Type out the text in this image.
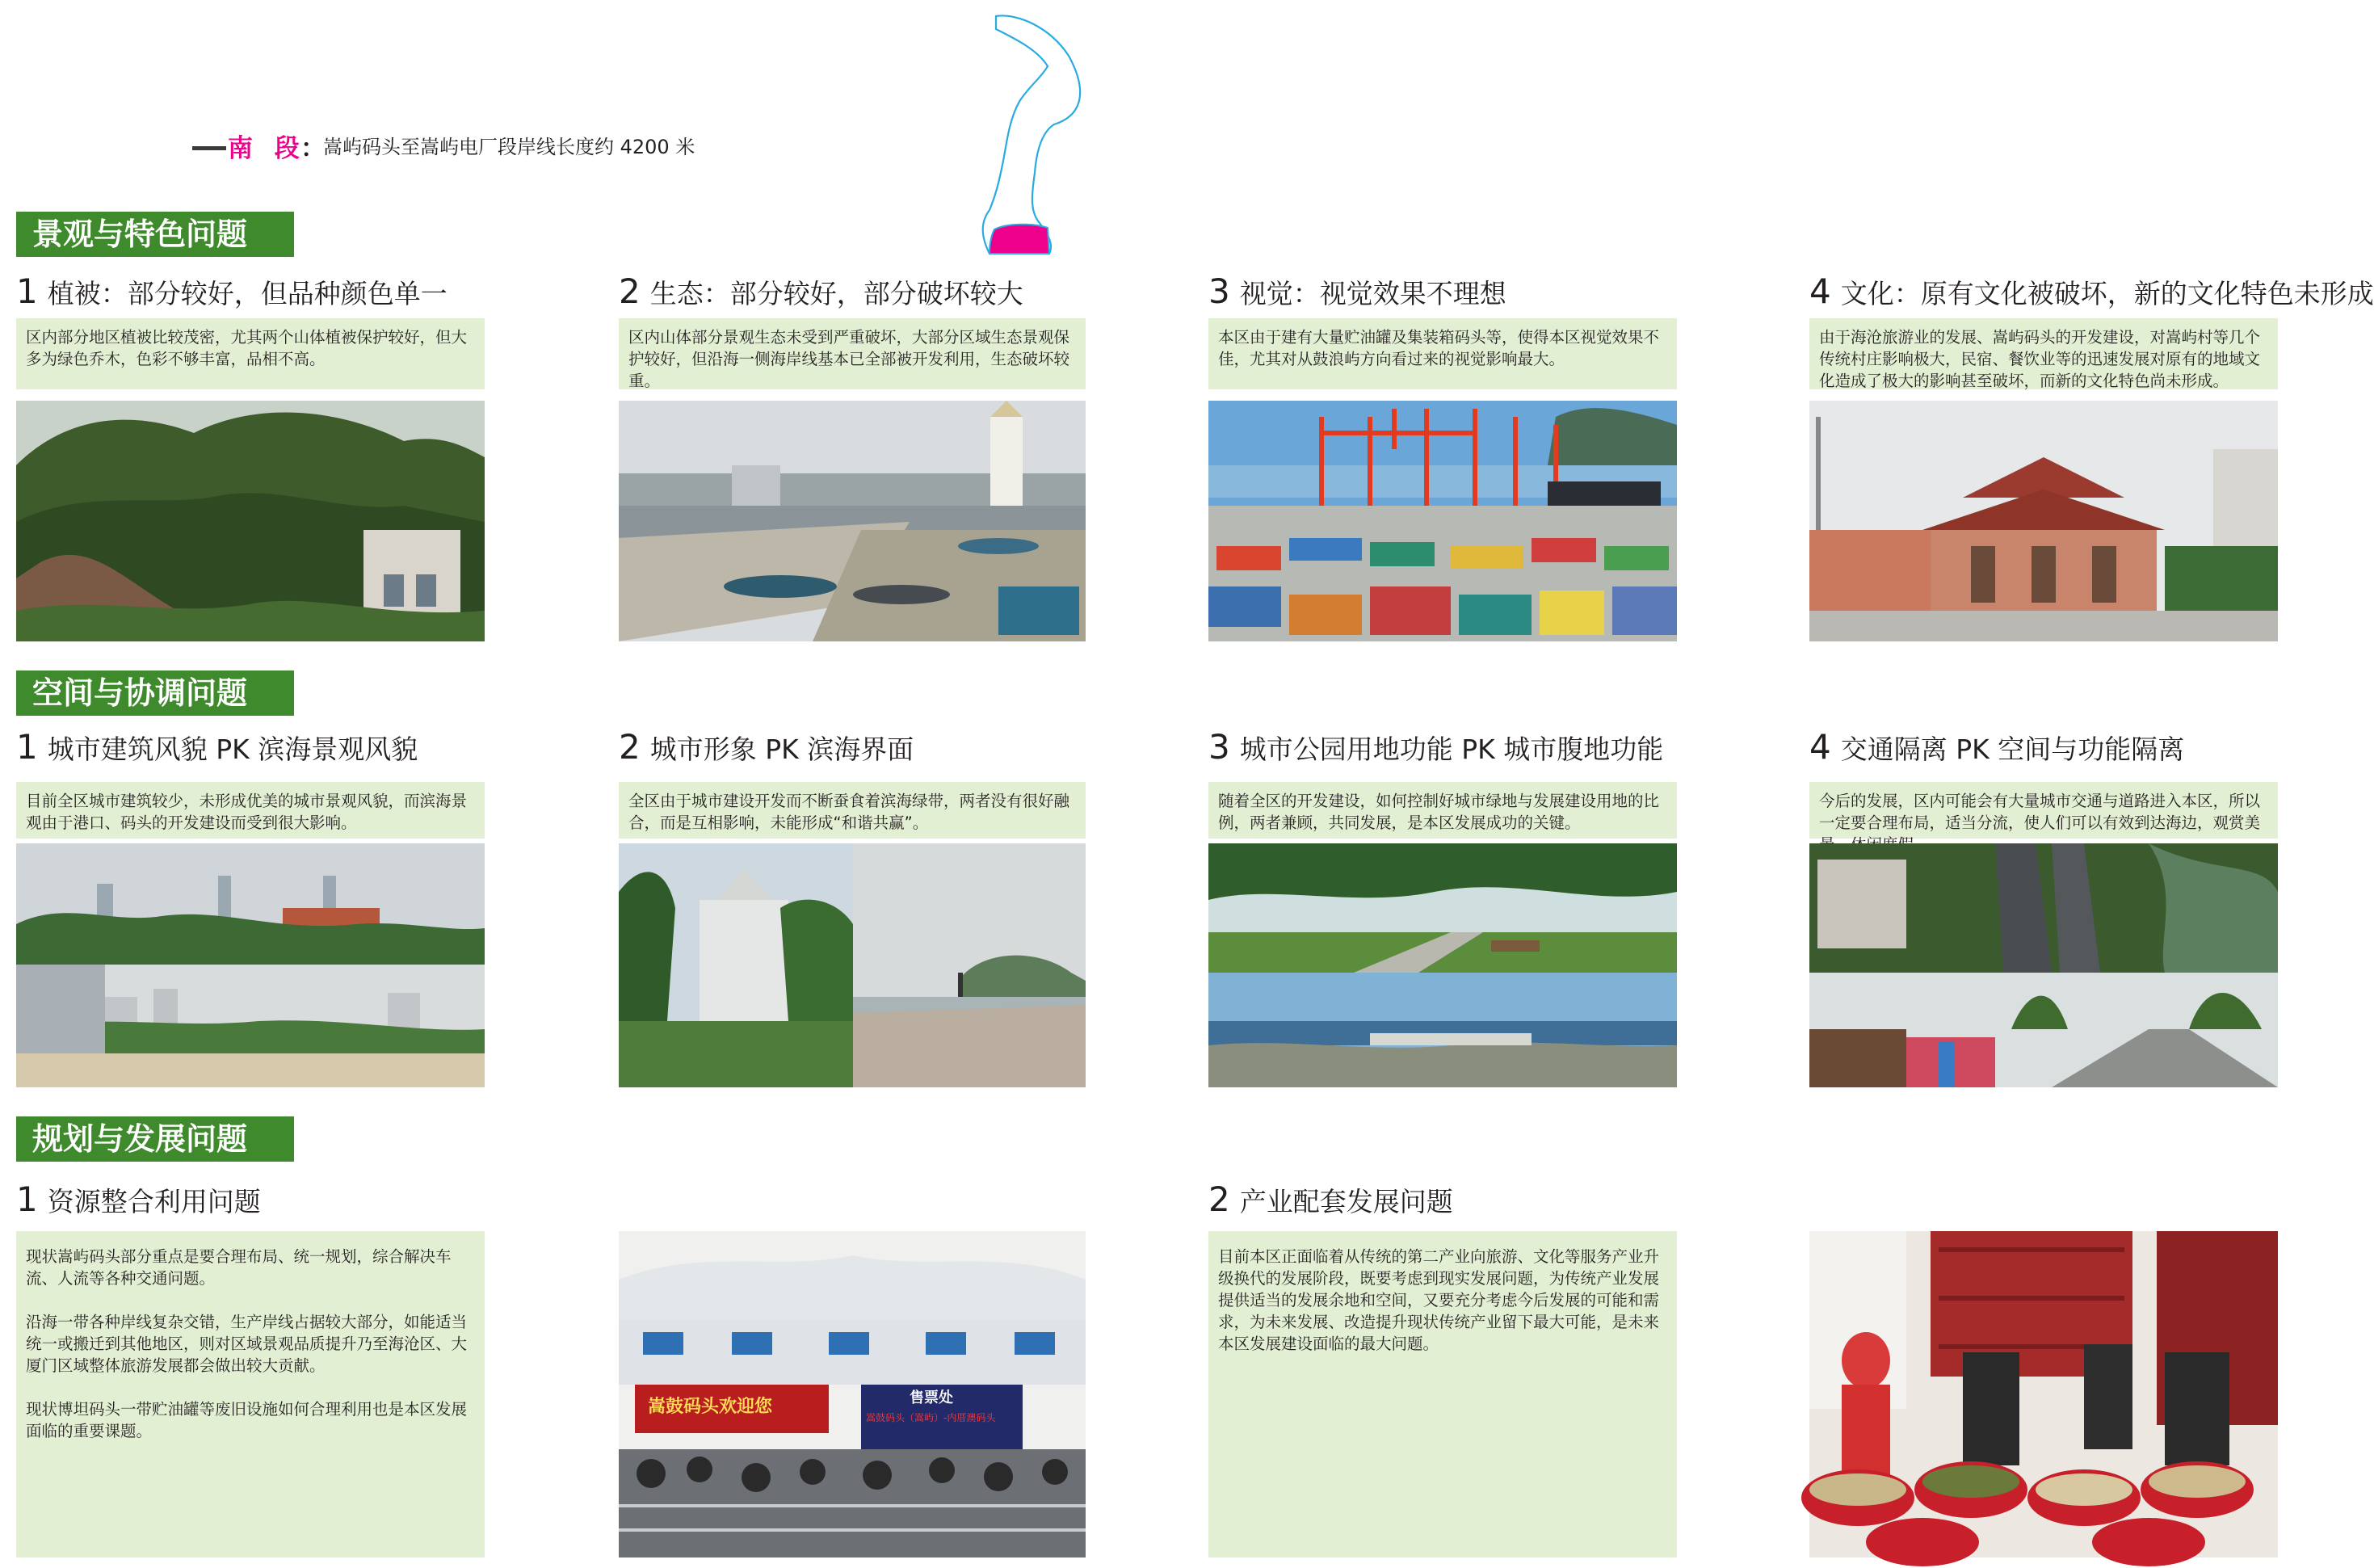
南 段
：
嵩屿码头至嵩屿电厂段岸线长度约 4200 米
景观与特色问题
1 植被：部分较好，但品种颜色单一
区内部分地区植被比较茂密，尤其两个山体植被保护较好，但大多为绿色乔木，色彩不够丰富，品相不高。
2 生态：部分较好，部分破坏较大
区内山体部分景观生态未受到严重破坏，大部分区域生态景观保护较好，但沿海一侧海岸线基本已全部被开发利用，生态破坏较重。
3 视觉：视觉效果不理想
本区由于建有大量贮油罐及集装箱码头等，使得本区视觉效果不佳，尤其对从鼓浪屿方向看过来的视觉影响最大。
4 文化：原有文化被破坏，新的文化特色未形成
由于海沧旅游业的发展、嵩屿码头的开发建设，对嵩屿村等几个传统村庄影响极大，民宿、餐饮业等的迅速发展对原有的地域文化造成了极大的影响甚至破坏，而新的文化特色尚未形成。
空间与协调问题
1 城市建筑风貌 PK 滨海景观风貌
目前全区城市建筑较少，未形成优美的城市景观风貌，而滨海景观由于港口、码头的开发建设而受到很大影响。
2 城市形象 PK 滨海界面
全区由于城市建设开发而不断蚕食着滨海绿带，两者没有很好融合，而是互相影响，未能形成“和谐共赢”。
3 城市公园用地功能 PK 城市腹地功能
随着全区的开发建设，如何控制好城市绿地与发展建设用地的比例，两者兼顾，共同发展，是本区发展成功的关键。
4 交通隔离 PK 空间与功能隔离
今后的发展，区内可能会有大量城市交通与道路进入本区，所以一定要合理布局，适当分流，使人们可以有效到达海边，观赏美
规划与发展问题
1 资源整合利用问题

现状嵩屿码头部分重点是要合理布局、统一规划，综合解决车流、人流等各种交通问题。

沿海一带各种岸线复杂交错，生产岸线占据较大部分，如能适当统一或搬迁到其他地区，则对区域景观品质提升乃至海沧区、大厦门区域整体旅游发展都会做出较大贡献。

现状博坦码头一带贮油罐等废旧设施如何合理利用也是本区发展面临的重要课题。

嵩鼓码头欢迎您	售票处
嵩鼓码头（嵩屿）-内厝澳码头
2 产业配套发展问题

目前本区正面临着从传统的第二产业向旅游、文化等服务产业升级换代的发展阶段，既要考虑到现实发展问题，为传统产业发展提供适当的发展余地和空间，又要充分考虑今后发展的可能和需求，为未来发展、改造提升现状传统产业留下最大可能，是未来本区发展建设面临的最大问题。
